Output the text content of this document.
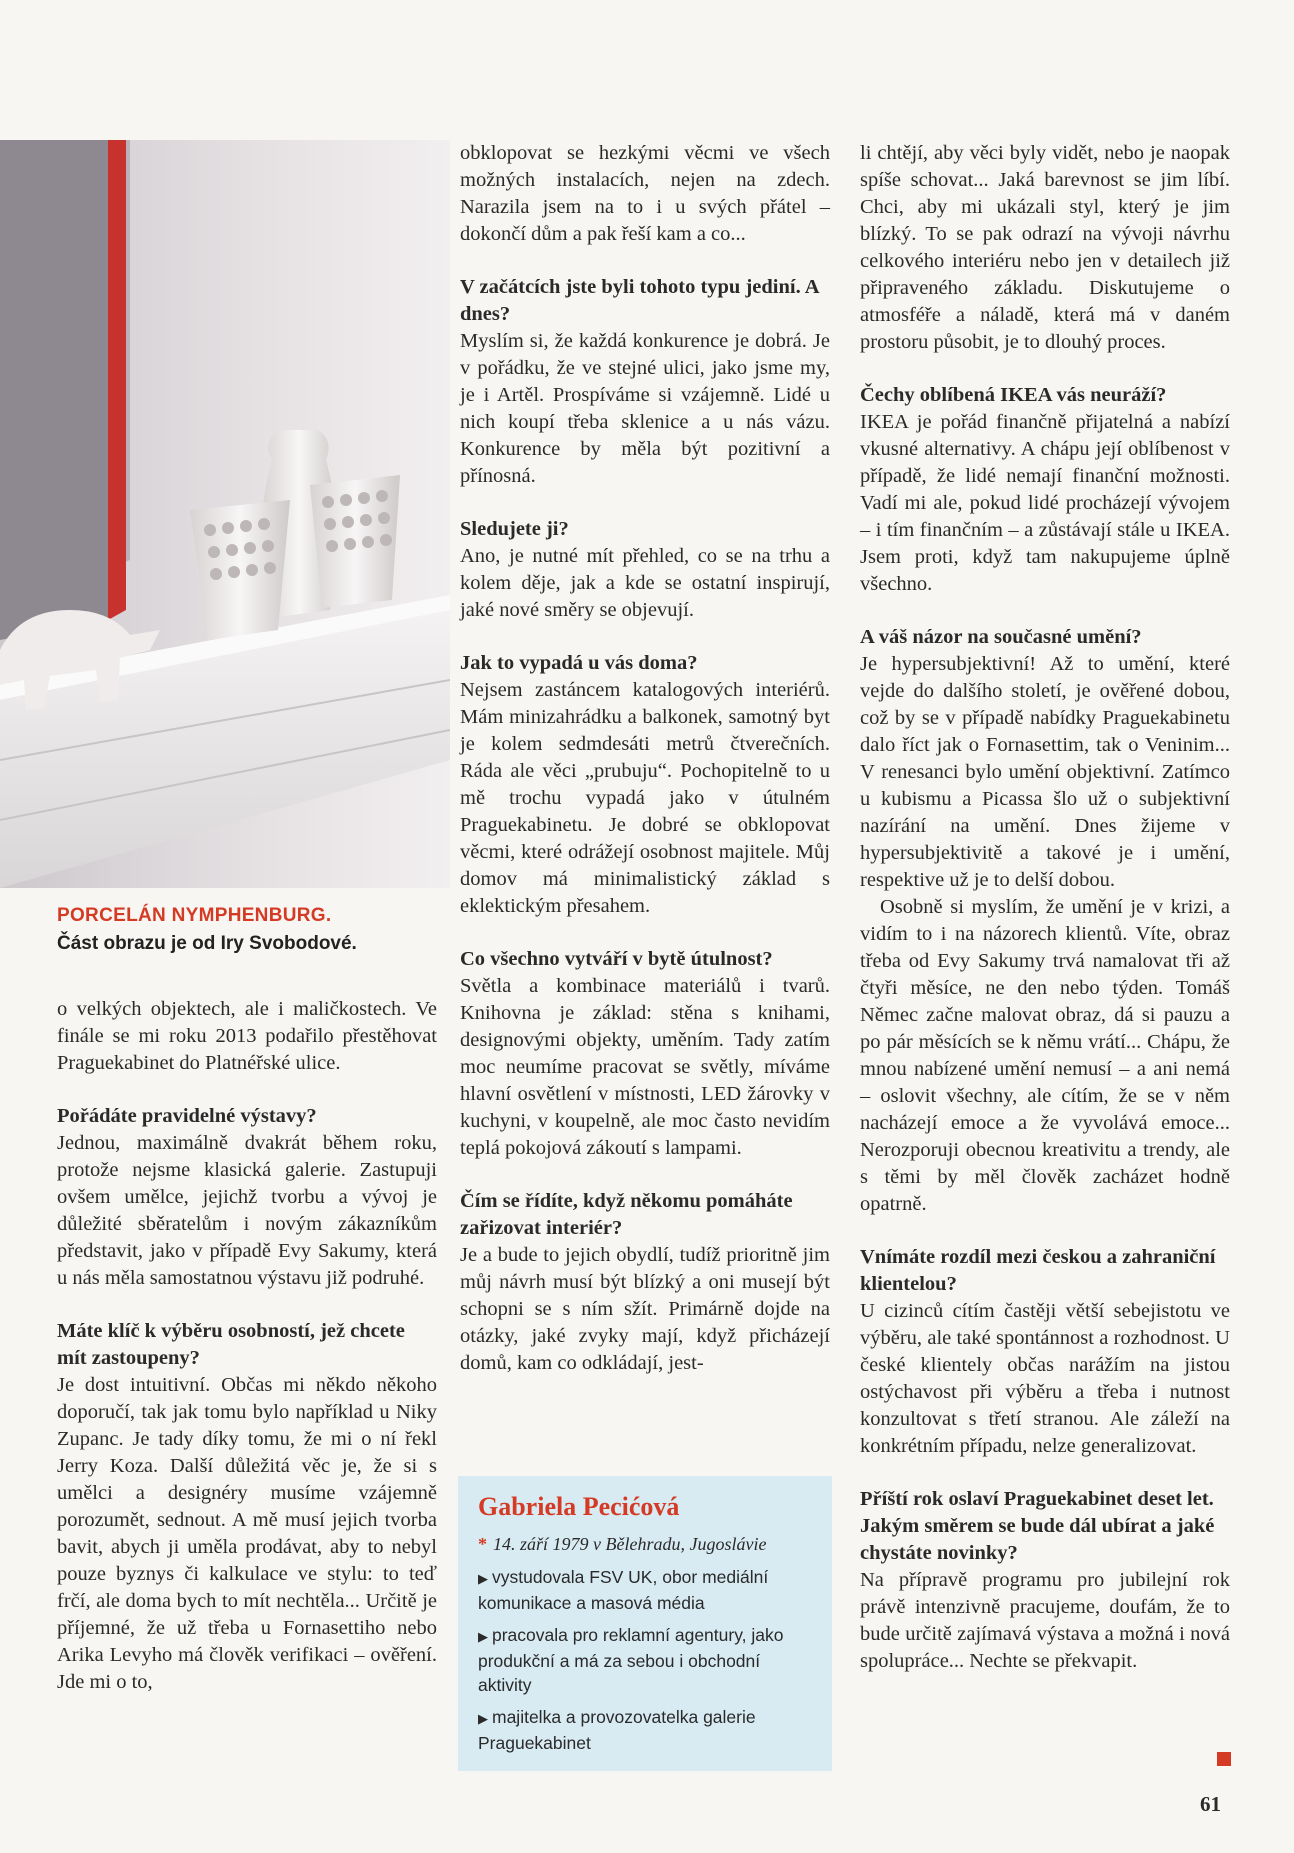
PORCELÁN NYMPHENBURG.
Část obrazu je od Iry Svobodové.

o velkých objektech, ale i maličkostech. Ve finále se mi roku 2013 podařilo přestěhovat Praguekabinet do Platnéřské ulice.

Pořádáte pravidelné výstavy?

Jednou, maximálně dvakrát během roku, protože nejsme klasická galerie. Zastupuji ovšem umělce, jejichž tvorbu a vývoj je důležité sběratelům i novým zákazníkům představit, jako v případě Evy Sakumy, která u nás měla samostatnou výstavu již podruhé.

Máte klíč k výběru osobností, jež chcete mít zastoupeny?

Je dost intuitivní. Občas mi někdo někoho doporučí, tak jak tomu bylo například u Niky Zupanc. Je tady díky tomu, že mi o ní řekl Jerry Koza. Další důležitá věc je, že si s umělci a designéry musíme vzájemně porozumět, sednout. A mě musí jejich tvorba bavit, abych ji uměla prodávat, aby to nebyl pouze byznys či kalkulace ve stylu: to teď frčí, ale doma bych to mít nechtěla... Určitě je příjemné, že už třeba u Fornasettiho nebo Arika Levyho má člověk verifikaci – ověření. Jde mi o to,

obklopovat se hezkými věcmi ve všech možných instalacích, nejen na zdech. Narazila jsem na to i u svých přátel – dokončí dům a pak řeší kam a co...

V začátcích jste byli tohoto typu jediní. A dnes?

Myslím si, že každá konkurence je dobrá. Je v pořádku, že ve stejné ulici, jako jsme my, je i Artěl. Prospíváme si vzájemně. Lidé u nich koupí třeba sklenice a u nás vázu. Konkurence by měla být pozitivní a přínosná.

Sledujete ji?

Ano, je nutné mít přehled, co se na trhu a kolem děje, jak a kde se ostatní inspirují, jaké nové směry se objevují.

Jak to vypadá u vás doma?

Nejsem zastáncem katalogových interiérů. Mám minizahrádku a balkonek, samotný byt je kolem sedmdesáti metrů čtverečních. Ráda ale věci „prubuju“. Pochopitelně to u mě trochu vypadá jako v útulném Praguekabinetu. Je dobré se obklopovat věcmi, které odrážejí osobnost majitele. Můj domov má minimalistický základ s eklektickým přesahem.

Co všechno vytváří v bytě útulnost?

Světla a kombinace materiálů i tvarů. Knihovna je základ: stěna s knihami, designovými objekty, uměním. Tady zatím moc neumíme pracovat se světly, míváme hlavní osvětlení v místnosti, LED žárovky v kuchyni, v koupelně, ale moc často nevidím teplá pokojová zákoutí s lampami.

Čím se řídíte, když někomu pomáháte zařizovat interiér?

Je a bude to jejich obydlí, tudíž prioritně jim můj návrh musí být blízký a oni musejí být schopni se s ním sžít. Primárně dojde na otázky, jaké zvyky mají, když přicházejí domů, kam co odkládají, jest-

Gabriela Pecićová
* 14. září 1979 v Bělehradu, Jugoslávie
▶ vystudovala FSV UK, obor mediální komunikace a masová média
▶ pracovala pro reklamní agentury, jako produkční a má za sebou i obchodní aktivity
▶ majitelka a provozovatelka galerie Praguekabinet

li chtějí, aby věci byly vidět, nebo je naopak spíše schovat... Jaká barevnost se jim líbí. Chci, aby mi ukázali styl, který je jim blízký. To se pak odrazí na vývoji návrhu celkového interiéru nebo jen v detailech již připraveného základu. Diskutujeme o atmosféře a náladě, která má v daném prostoru působit, je to dlouhý proces.

Čechy oblíbená IKEA vás neuráží?

IKEA je pořád finančně přijatelná a nabízí vkusné alternativy. A chápu její oblíbenost v případě, že lidé nemají finanční možnosti. Vadí mi ale, pokud lidé procházejí vývojem – i tím finančním – a zůstávají stále u IKEA. Jsem proti, když tam nakupujeme úplně všechno.

A váš názor na současné umění?

Je hypersubjektivní! Až to umění, které vejde do dalšího století, je ověřené dobou, což by se v případě nabídky Praguekabinetu dalo říct jak o Fornasettim, tak o Veninim... V renesanci bylo umění objektivní. Zatímco u kubismu a Picassa šlo už o subjektivní nazírání na umění. Dnes žijeme v hypersubjektivitě a takové je i umění, respektive už je to delší dobou.

Osobně si myslím, že umění je v krizi, a vidím to i na názorech klientů. Víte, obraz třeba od Evy Sakumy trvá namalovat tři až čtyři měsíce, ne den nebo týden. Tomáš Němec začne malovat obraz, dá si pauzu a po pár měsících se k němu vrátí... Chápu, že mnou nabízené umění nemusí – a ani nemá – oslovit všechny, ale cítím, že se v něm nacházejí emoce a že vyvolává emoce... Nerozporuji obecnou kreativitu a trendy, ale s těmi by měl člověk zacházet hodně opatrně.

Vnímáte rozdíl mezi českou a zahraniční klientelou?

U cizinců cítím častěji větší sebejistotu ve výběru, ale také spontánnost a rozhodnost. U české klientely občas narážím na jistou ostýchavost při výběru a třeba i nutnost konzultovat s třetí stranou. Ale záleží na konkrétním případu, nelze generalizovat.

Příští rok oslaví Praguekabinet deset let. Jakým směrem se bude dál ubírat a jaké chystáte novinky?

Na přípravě programu pro jubilejní rok právě intenzivně pracujeme, doufám, že to bude určitě zajímavá výstava a možná i nová spolupráce... Nechte se překvapit.

61
